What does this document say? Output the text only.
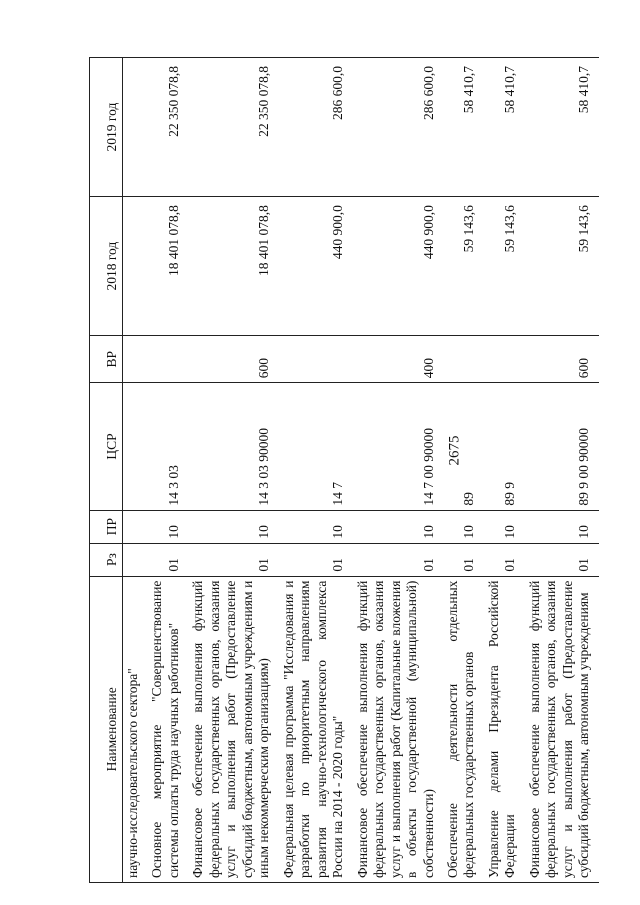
2675
Наименование	Рз	ПР	ЦСР	ВР	2018 год	2019 год
научно-исследовательского сектора"						
Основное мероприятие "Совершенствование системы оплаты труда научных работников"	01	10	14 3 03		18 401 078,8	22 350 078,8
Финансовое обеспечение выполнения функций федеральных государственных органов, оказания услуг и выполнения работ (Предоставление субсидий бюджетным, автономным учреждениям и иным некоммерческим организациям)	01	10	14 3 03 90000	600	18 401 078,8	22 350 078,8
Федеральная целевая программа "Исследования и разработки по приоритетным направлениям развития научно-технологического комплекса России на 2014 - 2020 годы"	01	10	14 7		440 900,0	286 600,0
Финансовое обеспечение выполнения функций федеральных государственных органов, оказания услуг и выполнения работ (Капитальные вложения в объекты государственной (муниципальной) собственности)	01	10	14 7 00 90000	400	440 900,0	286 600,0
Обеспечение деятельности отдельных федеральных государственных органов	01	10	89		59 143,6	58 410,7
Управление делами Президента Российской Федерации	01	10	89 9		59 143,6	58 410,7
Финансовое обеспечение выполнения функций федеральных государственных органов, оказания услуг и выполнения работ (Предоставление субсидий бюджетным, автономным учреждениям	01	10	89 9 00 90000	600	59 143,6	58 410,7
